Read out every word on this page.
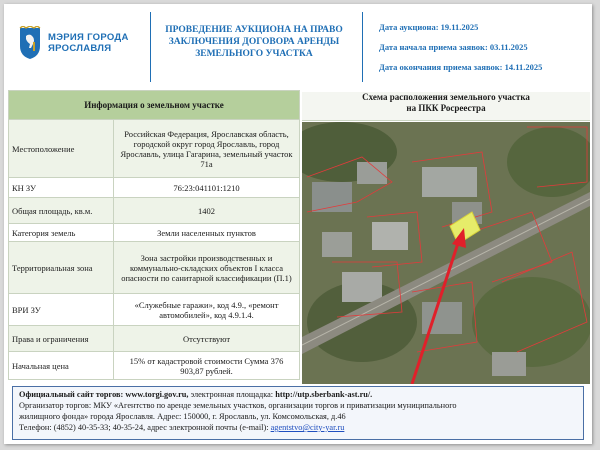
МЭРИЯ ГОРОДА
ЯРОСЛАВЛЯ
ПРОВЕДЕНИЕ АУКЦИОНА НА ПРАВО ЗАКЛЮЧЕНИЯ ДОГОВОРА АРЕНДЫ ЗЕМЕЛЬНОГО УЧАСТКА
Дата аукциона: 19.11.2025
Дата начала приема заявок: 03.11.2025
Дата окончания приема заявок: 14.11.2025
Информация о земельном участке	
Местоположение	Российская Федерация, Ярославская область, городской округ город Ярославль, город Ярославль, улица Гагарина, земельный участок 71а
КН ЗУ	76:23:041101:1210
Общая площадь, кв.м.	1402
Категория земель	Земли населенных пунктов
Территориальная зона	Зона застройки производственных и коммунально-складских объектов I класса опасности по санитарной классификации (П.1)
ВРИ ЗУ	«Служебные гаражи», код 4.9., «ремонт автомобилей», код 4.9.1.4.
Права и ограничения	Отсутствуют
Начальная цена	15% от кадастровой стоимости Сумма 376 903,87 рублей.
Схема расположения земельного участка
на ПКК Росреестра
Официальный сайт торгов: www.torgi.gov.ru, электронная площадка: http://utp.sberbank-ast.ru/.
Организатор торгов: МКУ «Агентство по аренде земельных участков, организации торгов и приватизации муниципального
жилищного фонда» города Ярославля. Адрес: 150000, г. Ярославль, ул. Комсомольская, д.46
Телефон: (4852) 40-35-33; 40-35-24, адрес электронной почты (e-mail): agentstvo@city-yar.ru
